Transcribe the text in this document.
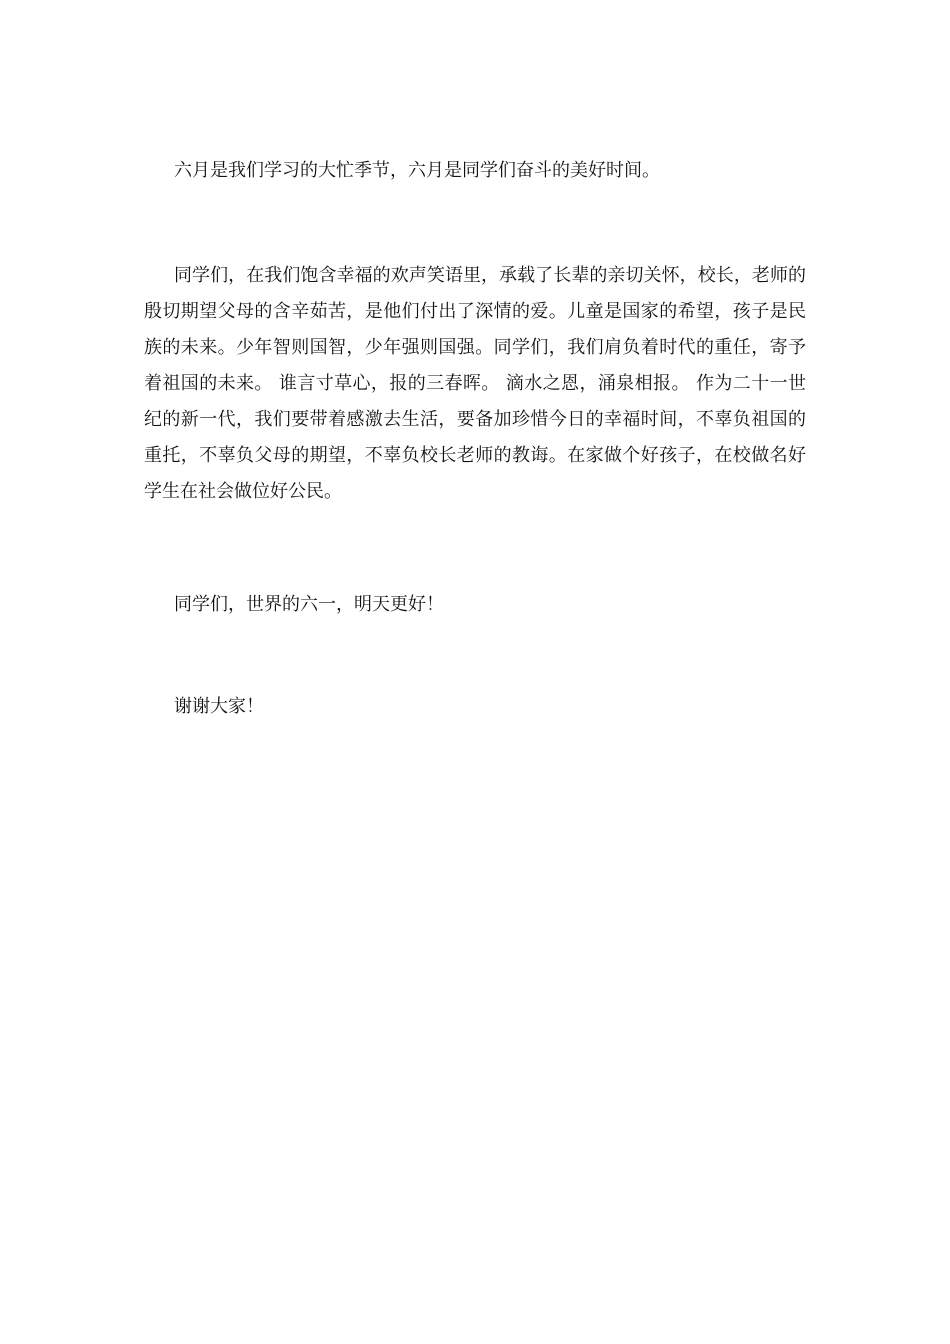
六月是我们学习的大忙季节，六月是同学们奋斗的美好时间。

同学们，在我们饱含幸福的欢声笑语里，承载了长辈的亲切关怀，校长，老师的殷切期望父母的含辛茹苦，是他们付出了深情的爱。儿童是国家的希望，孩子是民族的未来。少年智则国智，少年强则国强。同学们，我们肩负着时代的重任，寄予着祖国的未来。 谁言寸草心，报的三春晖。 滴水之恩，涌泉相报。 作为二十一世纪的新一代，我们要带着感激去生活，要备加珍惜今日的幸福时间，不辜负祖国的重托，不辜负父母的期望，不辜负校长老师的教诲。在家做个好孩子，在校做名好学生在社会做位好公民。

同学们，世界的六一，明天更好！

谢谢大家！
